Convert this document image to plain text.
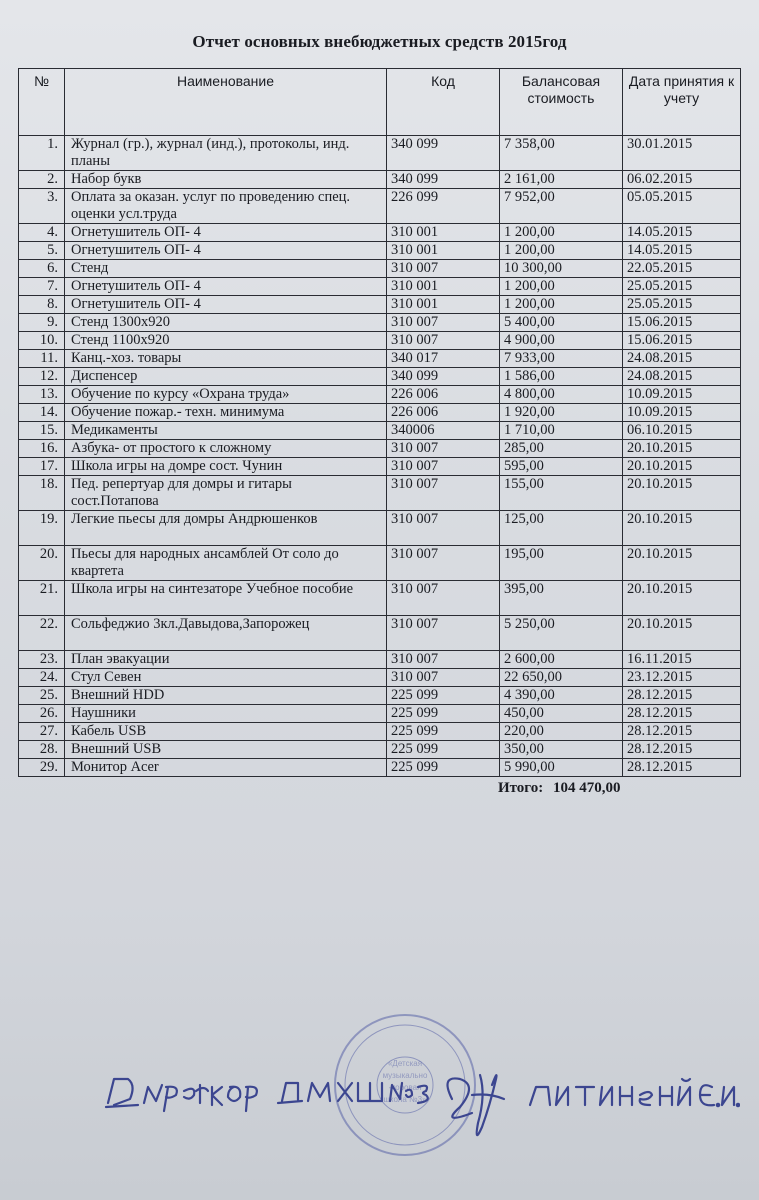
Отчет основных внебюджетных средств 2015год
№	Наименование	Код	Балансовая стоимость	Дата принятия к учету
1.	Журнал (гр.), журнал (инд.), протоколы, инд. планы	340 099	7 358,00	30.01.2015
2.	Набор букв	340 099	2 161,00	06.02.2015
3.	Оплата за оказан. услуг по проведению спец. оценки усл.труда	226 099	7 952,00	05.05.2015
4.	Огнетушитель ОП- 4	310 001	1 200,00	14.05.2015
5.	Огнетушитель ОП- 4	310 001	1 200,00	14.05.2015
6.	Стенд	310 007	10 300,00	22.05.2015
7.	Огнетушитель ОП- 4	310 001	1 200,00	25.05.2015
8.	Огнетушитель ОП- 4	310 001	1 200,00	25.05.2015
9.	Стенд 1300х920	310 007	5 400,00	15.06.2015
10.	Стенд 1100х920	310 007	4 900,00	15.06.2015
11.	Канц.-хоз. товары	340 017	7 933,00	24.08.2015
12.	Диспенсер	340 099	1 586,00	24.08.2015
13.	Обучение по курсу «Охрана труда»	226 006	4 800,00	10.09.2015
14.	Обучение пожар.- техн. минимума	226 006	1 920,00	10.09.2015
15.	Медикаменты	340006	1 710,00	06.10.2015
16.	Азбука- от простого к сложному	310 007	285,00	20.10.2015
17.	Школа игры на домре сост. Чунин	310 007	595,00	20.10.2015
18.	Пед. репертуар для домры и гитары сост.Потапова	310 007	155,00	20.10.2015
19.	Легкие пьесы для домры Андрюшенков	310 007	125,00	20.10.2015
20.	Пьесы для народных ансамблей От соло до квартета	310 007	195,00	20.10.2015
21.	Школа игры на синтезаторе Учебное пособие	310 007	395,00	20.10.2015
22.	Сольфеджио 3кл.Давыдова,Запорожец	310 007	5 250,00	20.10.2015
23.	План эвакуации	310 007	2 600,00	16.11.2015
24.	Стул Севен	310 007	22 650,00	23.12.2015
25.	Внешний HDD	225 099	4 390,00	28.12.2015
26.	Наушники	225 099	450,00	28.12.2015
27.	Кабель USB	225 099	220,00	28.12.2015
28.	Внешний USB	225 099	350,00	28.12.2015
29.	Монитор Acer	225 099	5 990,00	28.12.2015
Итого: 104 470,00				
«Детская
музыкально
-хоровая
школа №3»
